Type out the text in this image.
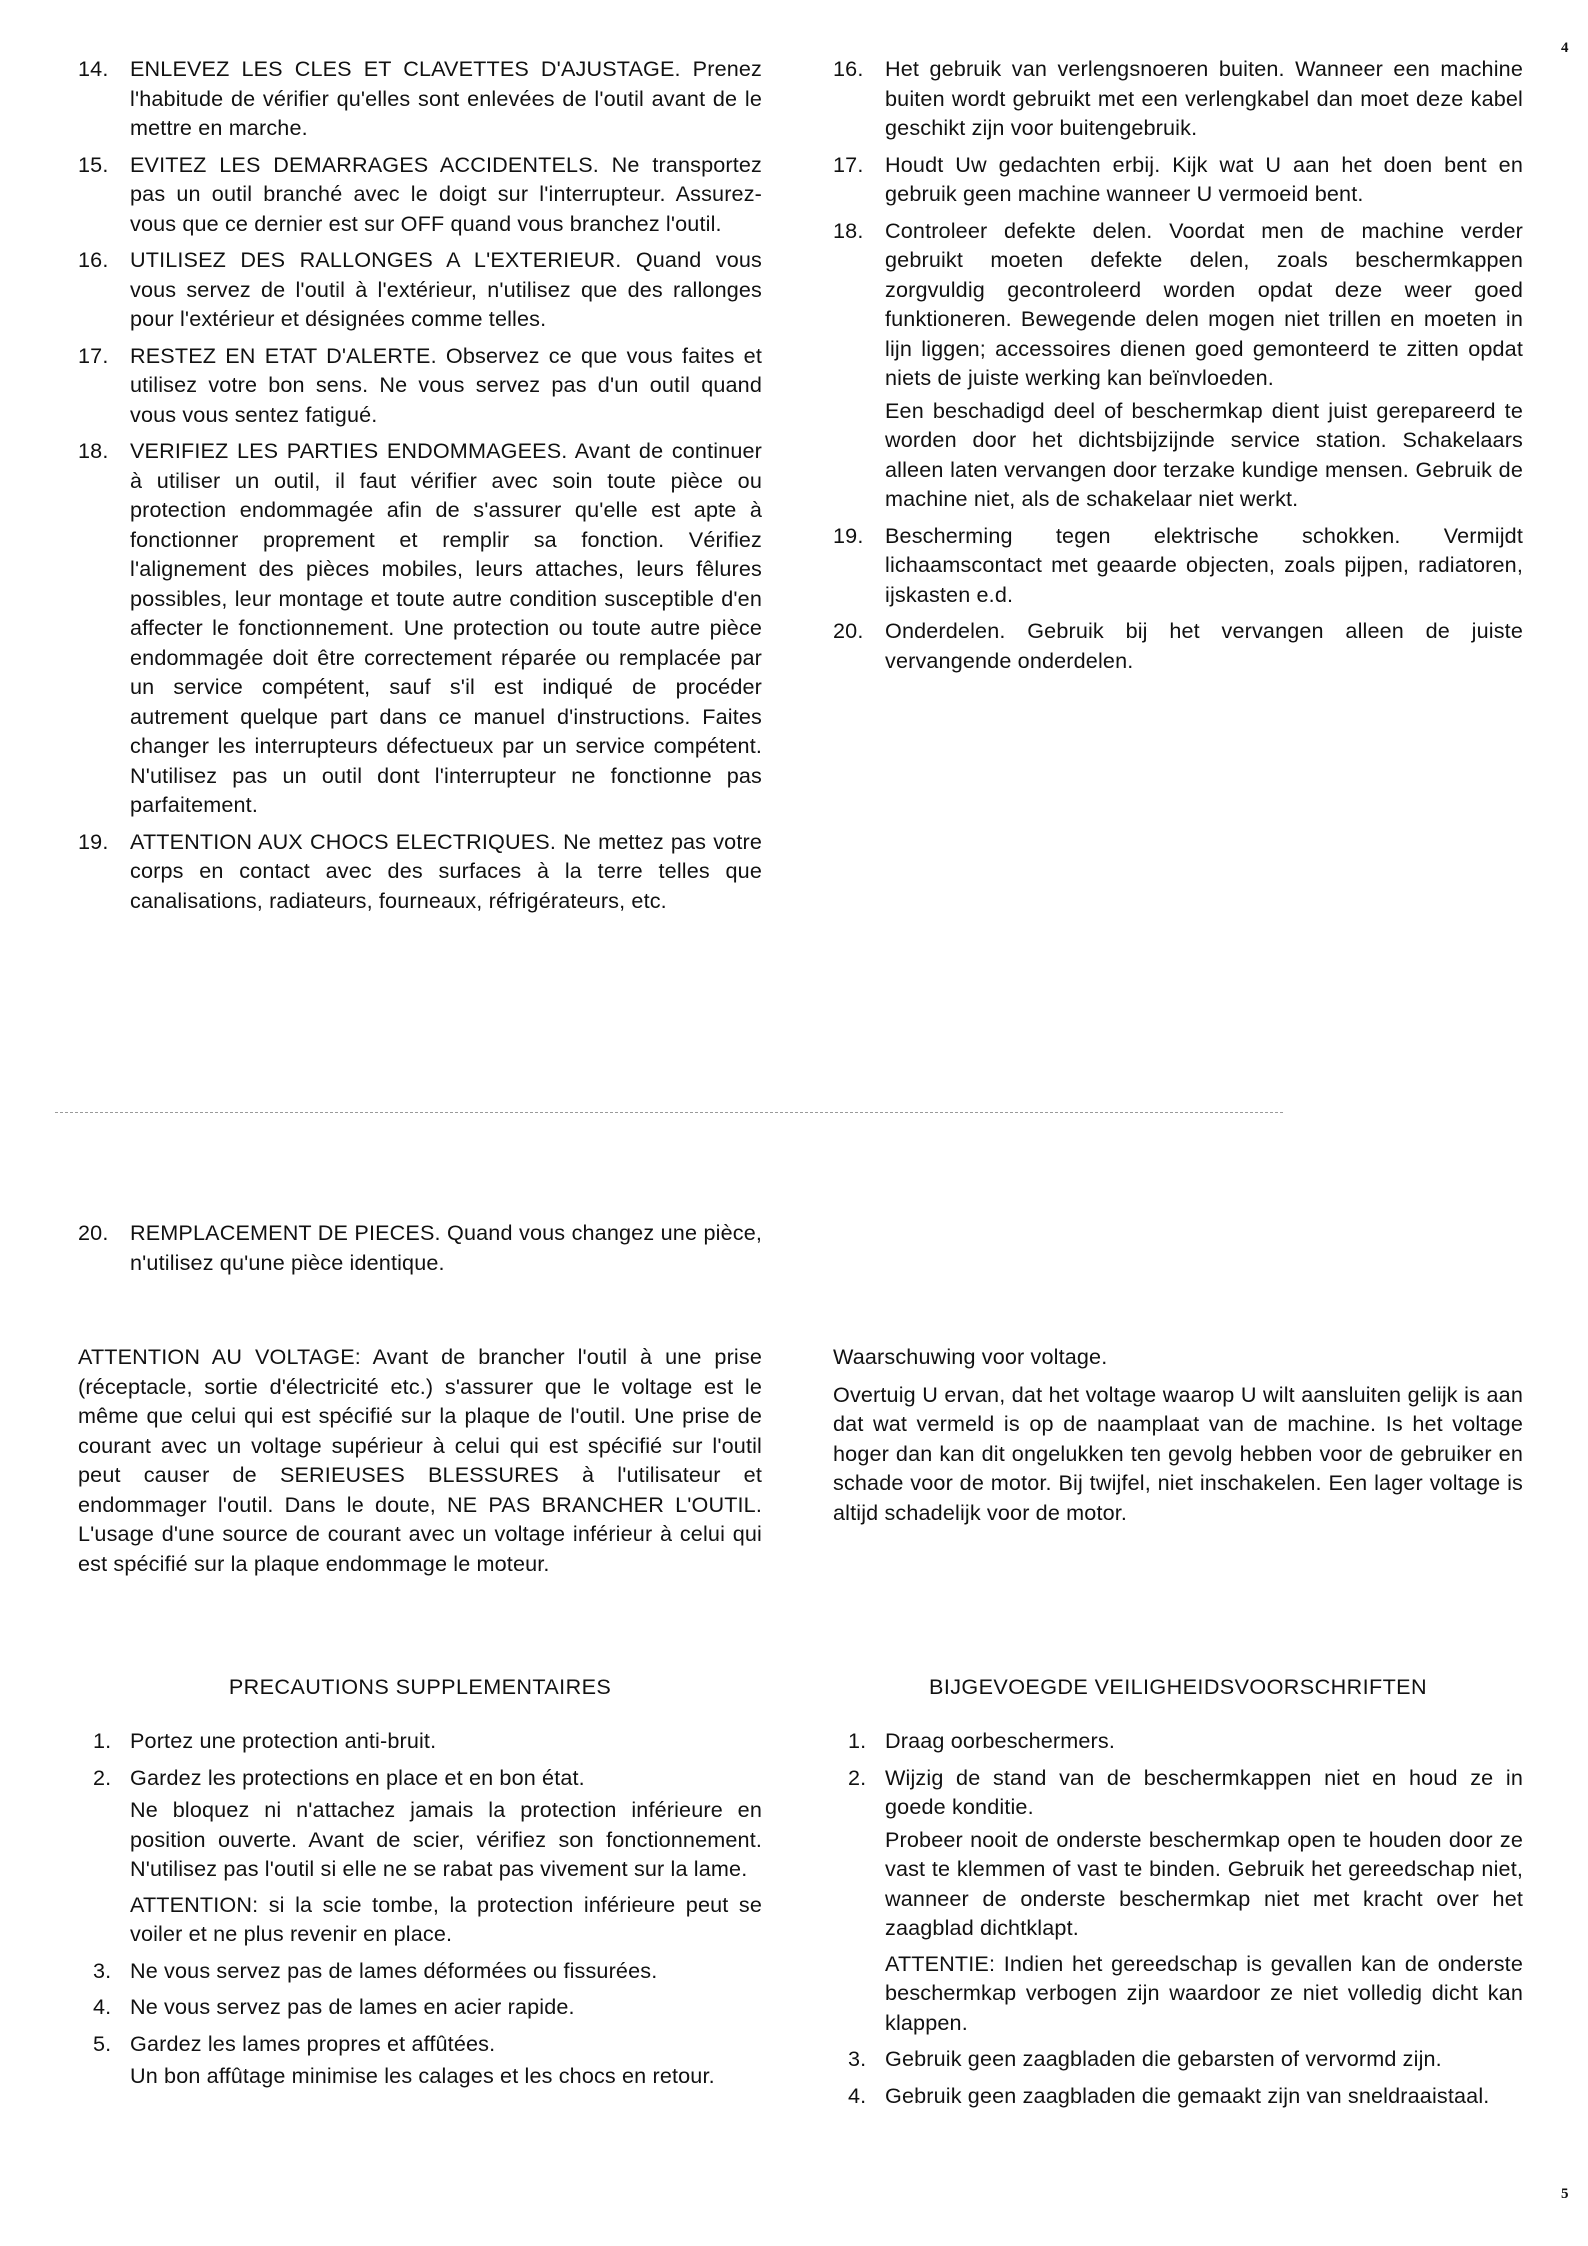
4
5
14. ENLEVEZ LES CLES ET CLAVETTES D'AJUSTAGE. Prenez l'habitude de vérifier qu'elles sont enlevées de l'outil avant de le mettre en marche.

15. EVITEZ LES DEMARRAGES ACCIDENTELS. Ne transportez pas un outil branché avec le doigt sur l'interrupteur. Assurez-vous que ce dernier est sur OFF quand vous branchez l'outil.

16. UTILISEZ DES RALLONGES A L'EXTERIEUR. Quand vous vous servez de l'outil à l'extérieur, n'utilisez que des rallonges pour l'extérieur et désignées comme telles.

17. RESTEZ EN ETAT D'ALERTE. Observez ce que vous faites et utilisez votre bon sens. Ne vous servez pas d'un outil quand vous vous sentez fatigué.

18. VERIFIEZ LES PARTIES ENDOMMAGEES. Avant de continuer à utiliser un outil, il faut vérifier avec soin toute pièce ou protection endommagée afin de s'assurer qu'elle est apte à fonctionner proprement et remplir sa fonction. Vérifiez l'alignement des pièces mobiles, leurs attaches, leurs fêlures possibles, leur montage et toute autre condition susceptible d'en affecter le fonctionnement. Une protection ou toute autre pièce endommagée doit être correctement réparée ou remplacée par un service compétent, sauf s'il est indiqué de procéder autrement quelque part dans ce manuel d'instructions. Faites changer les interrupteurs défectueux par un service compétent. N'utilisez pas un outil dont l'interrupteur ne fonctionne pas parfaitement.

19. ATTENTION AUX CHOCS ELECTRIQUES. Ne mettez pas votre corps en contact avec des surfaces à la terre telles que canalisations, radiateurs, fourneaux, réfrigérateurs, etc.

16. Het gebruik van verlengsnoeren buiten. Wanneer een machine buiten wordt gebruikt met een verlengkabel dan moet deze kabel geschikt zijn voor buitengebruik.

17. Houdt Uw gedachten erbij. Kijk wat U aan het doen bent en gebruik geen machine wanneer U vermoeid bent.

18. Controleer defekte delen. Voordat men de machine verder gebruikt moeten defekte delen, zoals beschermkappen zorgvuldig gecontroleerd worden opdat deze weer goed funktioneren. Bewegende delen mogen niet trillen en moeten in lijn liggen; accessoires dienen goed gemonteerd te zitten opdat niets de juiste werking kan beïnvloeden.

Een beschadigd deel of beschermkap dient juist gerepareerd te worden door het dichtsbijzijnde service station. Schakelaars alleen laten vervangen door terzake kundige mensen. Gebruik de machine niet, als de schakelaar niet werkt.

19. Bescherming tegen elektrische schokken. Vermijdt lichaamscontact met geaarde objecten, zoals pijpen, radiatoren, ijskasten e.d.

20. Onderdelen. Gebruik bij het vervangen alleen de juiste vervangende onderdelen.

20. REMPLACEMENT DE PIECES. Quand vous changez une pièce, n'utilisez qu'une pièce identique.

ATTENTION AU VOLTAGE: Avant de brancher l'outil à une prise (réceptacle, sortie d'électricité etc.) s'assurer que le voltage est le même que celui qui est spécifié sur la plaque de l'outil. Une prise de courant avec un voltage supérieur à celui qui est spécifié sur l'outil peut causer de SERIEUSES BLESSURES à l'utilisateur et endommager l'outil. Dans le doute, NE PAS BRANCHER L'OUTIL. L'usage d'une source de courant avec un voltage inférieur à celui qui est spécifié sur la plaque endommage le moteur.

Waarschuwing voor voltage.

Overtuig U ervan, dat het voltage waarop U wilt aansluiten gelijk is aan dat wat vermeld is op de naamplaat van de machine. Is het voltage hoger dan kan dit ongelukken ten gevolg hebben voor de gebruiker en schade voor de motor. Bij twijfel, niet inschakelen. Een lager voltage is altijd schadelijk voor de motor.

PRECAUTIONS SUPPLEMENTAIRES
1. Portez une protection anti-bruit.

2. Gardez les protections en place et en bon état.

Ne bloquez ni n'attachez jamais la protection inférieure en position ouverte. Avant de scier, vérifiez son fonctionnement. N'utilisez pas l'outil si elle ne se rabat pas vivement sur la lame.

ATTENTION: si la scie tombe, la protection inférieure peut se voiler et ne plus revenir en place.

3. Ne vous servez pas de lames déformées ou fissurées.

4. Ne vous servez pas de lames en acier rapide.

5. Gardez les lames propres et affûtées.

Un bon affûtage minimise les calages et les chocs en retour.

BIJGEVOEGDE VEILIGHEIDSVOORSCHRIFTEN
1. Draag oorbeschermers.

2. Wijzig de stand van de beschermkappen niet en houd ze in goede konditie.

Probeer nooit de onderste beschermkap open te houden door ze vast te klemmen of vast te binden. Gebruik het gereedschap niet, wanneer de onderste beschermkap niet met kracht over het zaagblad dichtklapt.

ATTENTIE: Indien het gereedschap is gevallen kan de onderste beschermkap verbogen zijn waardoor ze niet volledig dicht kan klappen.

3. Gebruik geen zaagbladen die gebarsten of vervormd zijn.

4. Gebruik geen zaagbladen die gemaakt zijn van sneldraaistaal.
